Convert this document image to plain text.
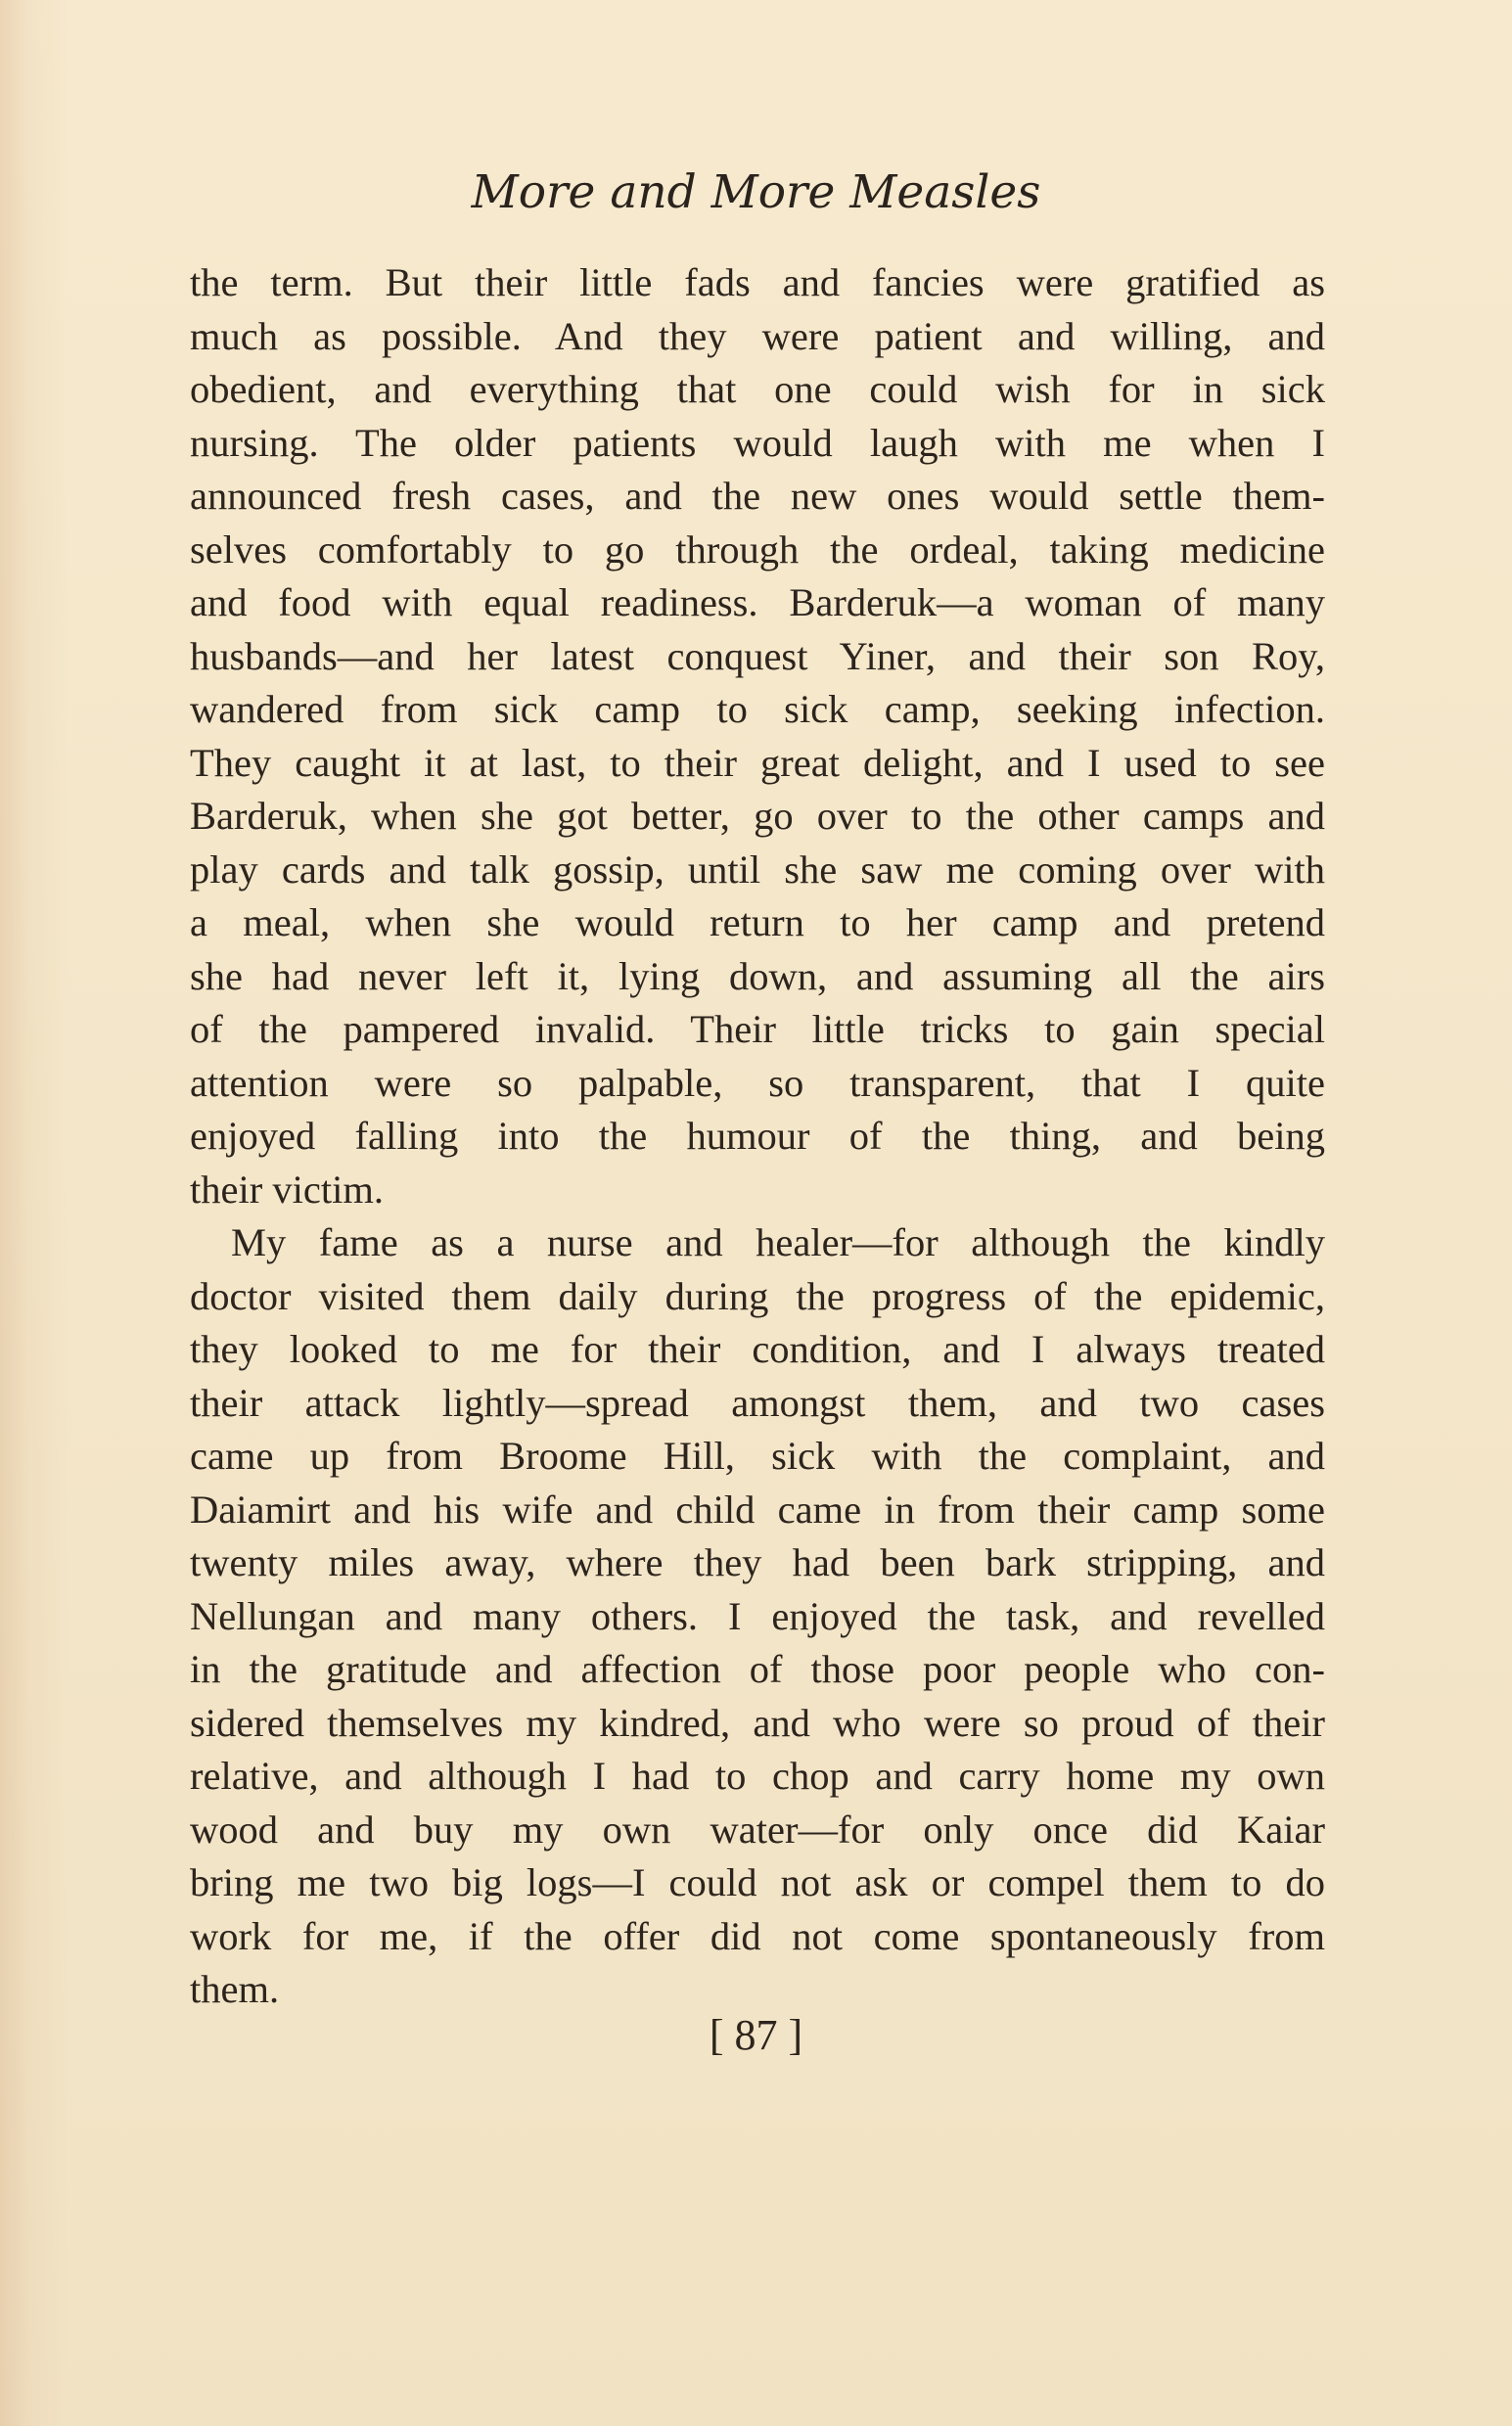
More and More Measles
the term. But their little fads and fancies were gratified as
much as possible. And they were patient and willing, and
obedient, and everything that one could wish for in sick
nursing. The older patients would laugh with me when I
announced fresh cases, and the new ones would settle them-
selves comfortably to go through the ordeal, taking medicine
and food with equal readiness. Barderuk—a woman of many
husbands—and her latest conquest Yiner, and their son Roy,
wandered from sick camp to sick camp, seeking infection.
They caught it at last, to their great delight, and I used to see
Barderuk, when she got better, go over to the other camps and
play cards and talk gossip, until she saw me coming over with
a meal, when she would return to her camp and pretend
she had never left it, lying down, and assuming all the airs
of the pampered invalid. Their little tricks to gain special
attention were so palpable, so transparent, that I quite
enjoyed falling into the humour of the thing, and being
their victim.
My fame as a nurse and healer—for although the kindly
doctor visited them daily during the progress of the epidemic,
they looked to me for their condition, and I always treated
their attack lightly—spread amongst them, and two cases
came up from Broome Hill, sick with the complaint, and
Daiamirt and his wife and child came in from their camp some
twenty miles away, where they had been bark stripping, and
Nellungan and many others. I enjoyed the task, and revelled
in the gratitude and affection of those poor people who con-
sidered themselves my kindred, and who were so proud of their
relative, and although I had to chop and carry home my own
wood and buy my own water—for only once did Kaiar
bring me two big logs—I could not ask or compel them to do
work for me, if the offer did not come spontaneously from
them.
[ 87 ]
